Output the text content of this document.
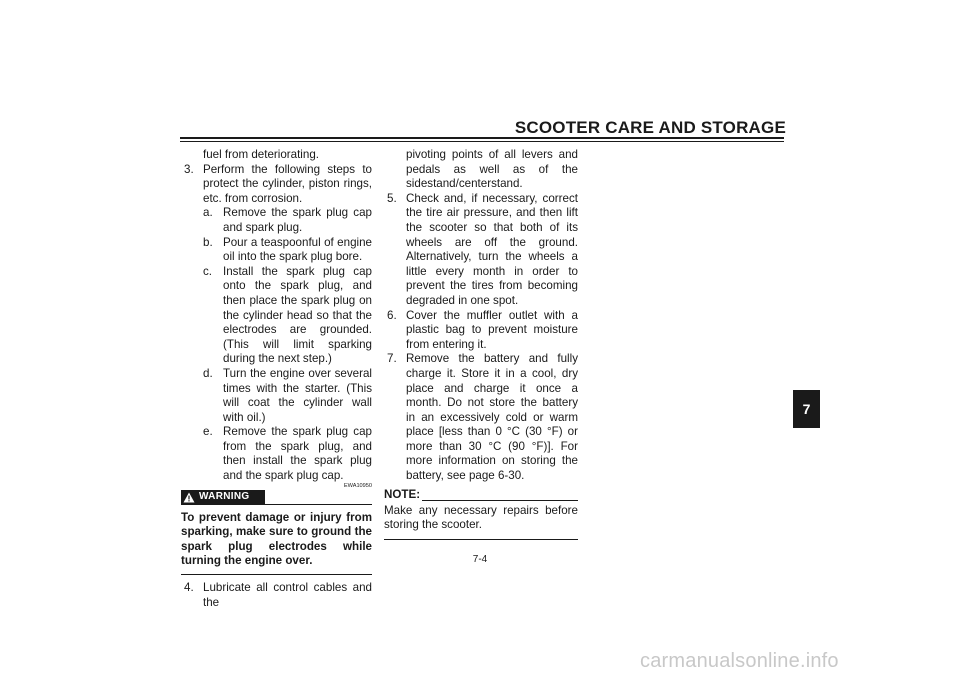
SCOOTER CARE AND STORAGE
fuel from deteriorating.
3. Perform the following steps to protect the cylinder, piston rings, etc. from corrosion.
a. Remove the spark plug cap and spark plug.
b. Pour a teaspoonful of engine oil into the spark plug bore.
c. Install the spark plug cap onto the spark plug, and then place the spark plug on the cylinder head so that the electrodes are grounded. (This will limit sparking during the next step.)
d. Turn the engine over several times with the starter. (This will coat the cylinder wall with oil.)
e. Remove the spark plug cap from the spark plug, and then install the spark plug and the spark plug cap.
WARNING
EWA10950
To prevent damage or injury from sparking, make sure to ground the spark plug electrodes while turning the engine over.
4. Lubricate all control cables and the
pivoting points of all levers and pedals as well as of the sidestand/centerstand.
5. Check and, if necessary, correct the tire air pressure, and then lift the scooter so that both of its wheels are off the ground. Alternatively, turn the wheels a little every month in order to prevent the tires from becoming degraded in one spot.
6. Cover the muffler outlet with a plastic bag to prevent moisture from entering it.
7. Remove the battery and fully charge it. Store it in a cool, dry place and charge it once a month. Do not store the battery in an excessively cold or warm place [less than 0 °C (30 °F) or more than 30 °C (90 °F)]. For more information on storing the battery, see page 6-30.
NOTE:
Make any necessary repairs before storing the scooter.
7-4
7
carmanualsonline.info
